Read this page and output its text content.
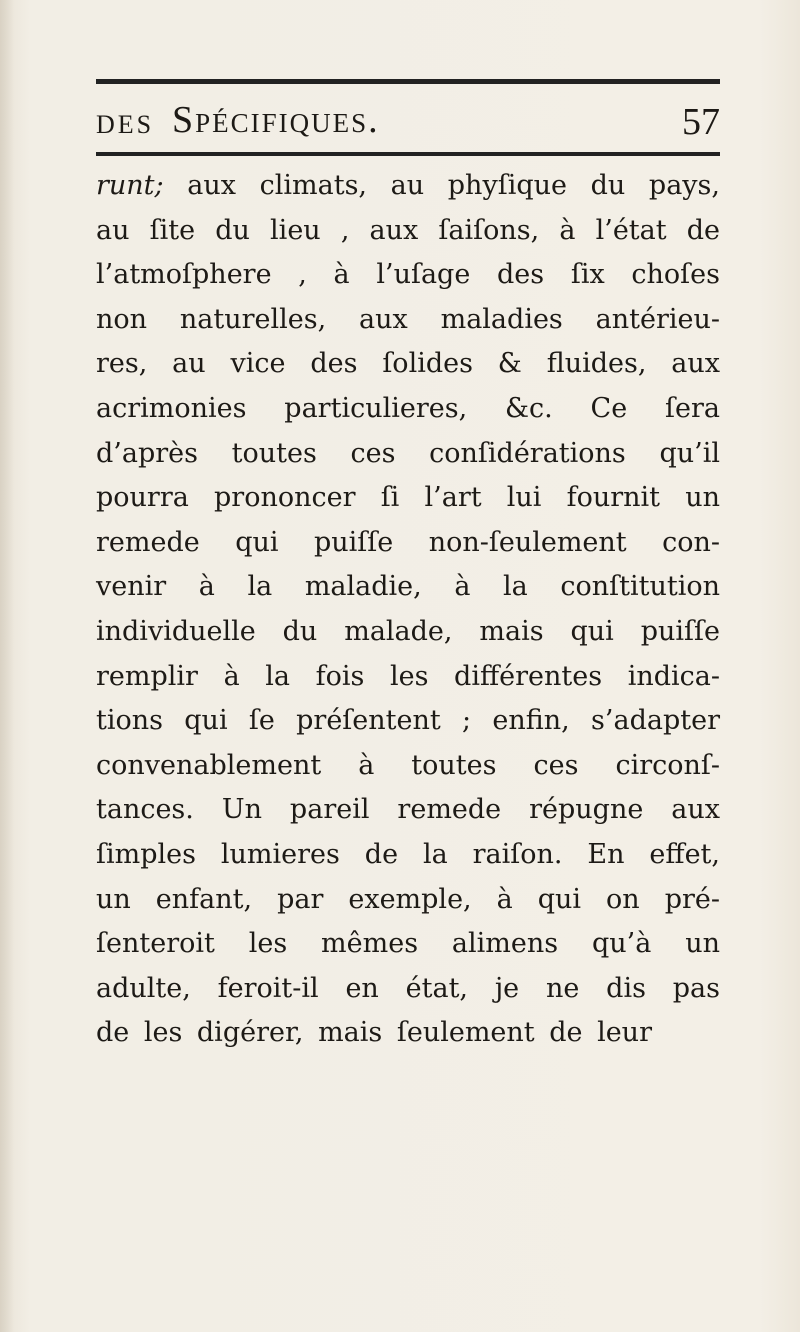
DES Spécifiques.	57
runt; aux climats, au phyſique du pays,
au ſite du lieu , aux ſaiſons, à l’état de
l’atmoſphere , à l’uſage des ſix choſes
non naturelles, aux maladies antérieu-
res, au vice des ſolides & fluides, aux
acrimonies particulieres, &c. Ce ſera
d’après toutes ces conſidérations qu’il
pourra prononcer ſi l’art lui fournit un
remede qui puiſſe non-ſeulement con-
venir à la maladie, à la conſtitution
individuelle du malade, mais qui puiſſe
remplir à la fois les différentes indica-
tions qui ſe préſentent ; enfin, s’adapter
convenablement à toutes ces circonſ-
tances. Un pareil remede répugne aux
ſimples lumieres de la raiſon. En effet,
un enfant, par exemple, à qui on pré-
ſenteroit les mêmes alimens qu’à un
adulte, feroit-il en état, je ne dis pas
de les digérer, mais ſeulement de leur
